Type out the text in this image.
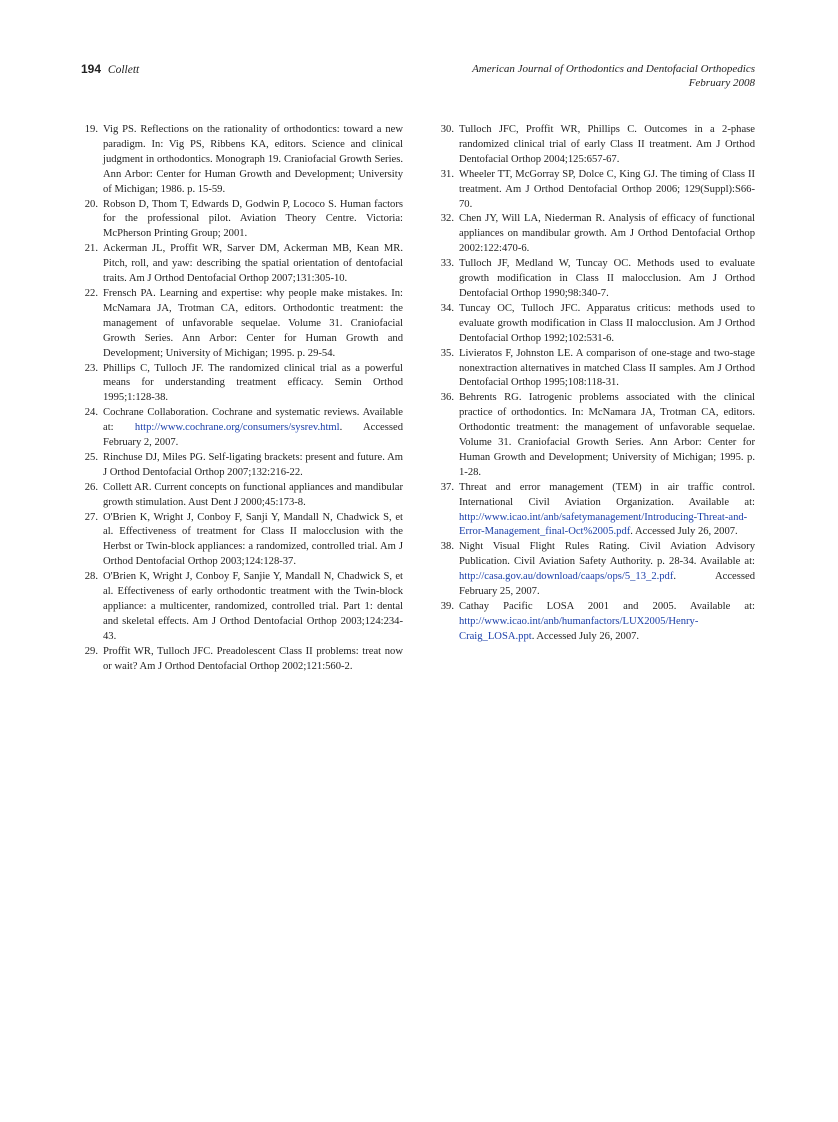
194 Collett	American Journal of Orthodontics and Dentofacial Orthopedics
February 2008

19. Vig PS. Reflections on the rationality of orthodontics: toward a new paradigm. In: Vig PS, Ribbens KA, editors. Science and clinical judgment in orthodontics. Monograph 19. Craniofacial Growth Series. Ann Arbor: Center for Human Growth and Development; University of Michigan; 1986. p. 15-59.

20. Robson D, Thom T, Edwards D, Godwin P, Lococo S. Human factors for the professional pilot. Aviation Theory Centre. Victoria: McPherson Printing Group; 2001.

21. Ackerman JL, Proffit WR, Sarver DM, Ackerman MB, Kean MR. Pitch, roll, and yaw: describing the spatial orientation of dentofacial traits. Am J Orthod Dentofacial Orthop 2007;131:305-10.

22. Frensch PA. Learning and expertise: why people make mistakes. In: McNamara JA, Trotman CA, editors. Orthodontic treatment: the management of unfavorable sequelae. Volume 31. Craniofacial Growth Series. Ann Arbor: Center for Human Growth and Development; University of Michigan; 1995. p. 29-54.

23. Phillips C, Tulloch JF. The randomized clinical trial as a powerful means for understanding treatment efficacy. Semin Orthod 1995;1:128-38.

24. Cochrane Collaboration. Cochrane and systematic reviews. Available at: http://www.cochrane.org/consumers/sysrev.html. Accessed February 2, 2007.

25. Rinchuse DJ, Miles PG. Self-ligating brackets: present and future. Am J Orthod Dentofacial Orthop 2007;132:216-22.

26. Collett AR. Current concepts on functional appliances and mandibular growth stimulation. Aust Dent J 2000;45:173-8.

27. O'Brien K, Wright J, Conboy F, Sanji Y, Mandall N, Chadwick S, et al. Effectiveness of treatment for Class II malocclusion with the Herbst or Twin-block appliances: a randomized, controlled trial. Am J Orthod Dentofacial Orthop 2003;124:128-37.

28. O'Brien K, Wright J, Conboy F, Sanjie Y, Mandall N, Chadwick S, et al. Effectiveness of early orthodontic treatment with the Twin-block appliance: a multicenter, randomized, controlled trial. Part 1: dental and skeletal effects. Am J Orthod Dentofacial Orthop 2003;124:234-43.

29. Proffit WR, Tulloch JFC. Preadolescent Class II problems: treat now or wait? Am J Orthod Dentofacial Orthop 2002;121:560-2.

30. Tulloch JFC, Proffit WR, Phillips C. Outcomes in a 2-phase randomized clinical trial of early Class II treatment. Am J Orthod Dentofacial Orthop 2004;125:657-67.

31. Wheeler TT, McGorray SP, Dolce C, King GJ. The timing of Class II treatment. Am J Orthod Dentofacial Orthop 2006; 129(Suppl):S66-70.

32. Chen JY, Will LA, Niederman R. Analysis of efficacy of functional appliances on mandibular growth. Am J Orthod Dentofacial Orthop 2002:122:470-6.

33. Tulloch JF, Medland W, Tuncay OC. Methods used to evaluate growth modification in Class II malocclusion. Am J Orthod Dentofacial Orthop 1990;98:340-7.

34. Tuncay OC, Tulloch JFC. Apparatus criticus: methods used to evaluate growth modification in Class II malocclusion. Am J Orthod Dentofacial Orthop 1992;102:531-6.

35. Livieratos F, Johnston LE. A comparison of one-stage and two-stage nonextraction alternatives in matched Class II samples. Am J Orthod Dentofacial Orthop 1995;108:118-31.

36. Behrents RG. Iatrogenic problems associated with the clinical practice of orthodontics. In: McNamara JA, Trotman CA, editors. Orthodontic treatment: the management of unfavorable sequelae. Volume 31. Craniofacial Growth Series. Ann Arbor: Center for Human Growth and Development; University of Michigan; 1995. p. 1-28.

37. Threat and error management (TEM) in air traffic control. International Civil Aviation Organization. Available at: http://www.icao.int/anb/safetymanagement/Introducing-Threat-and-Error-Management_final-Oct%2005.pdf. Accessed July 26, 2007.

38. Night Visual Flight Rules Rating. Civil Aviation Advisory Publication. Civil Aviation Safety Authority. p. 28-34. Available at: http://casa.gov.au/download/caaps/ops/5_13_2.pdf. Accessed February 25, 2007.

39. Cathay Pacific LOSA 2001 and 2005. Available at: http://www.icao.int/anb/humanfactors/LUX2005/Henry-Craig_LOSA.ppt. Accessed July 26, 2007.
